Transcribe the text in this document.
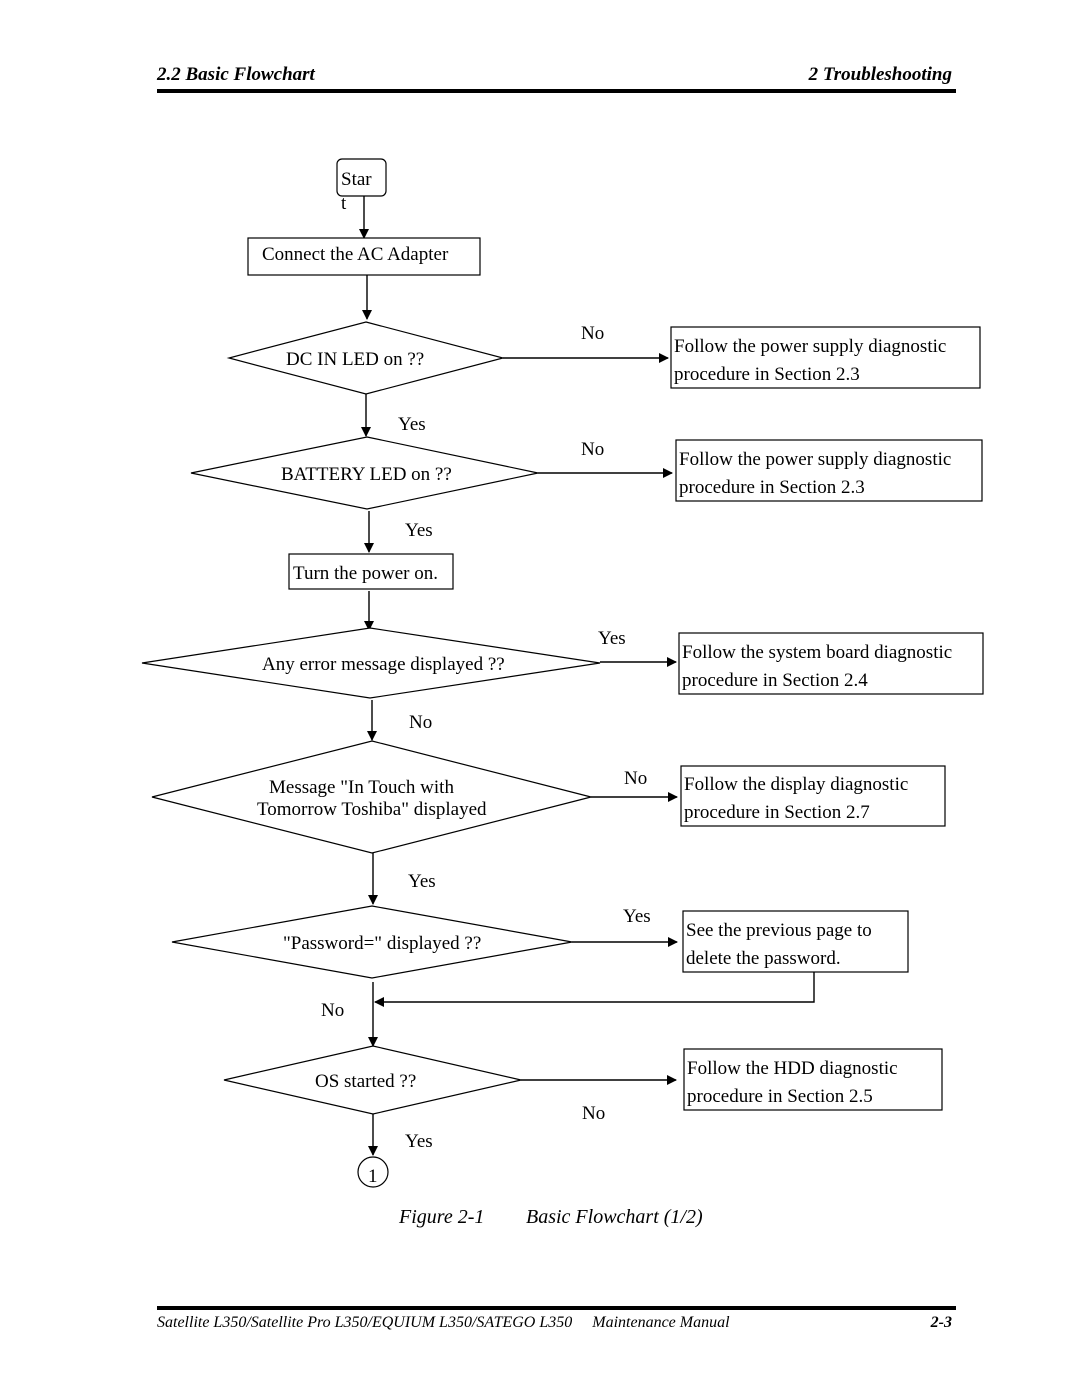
2.2 Basic Flowchart	2 Troubleshooting
Star
t
Connect the AC Adapter
DC IN LED on ??
No
Follow the power supply diagnostic
procedure in Section 2.3
Yes
BATTERY LED on ??
No	Follow the power supply diagnostic
procedure in Section 2.3
Yes
Turn the power on.
Any error message displayed ??
Yes
Follow the system board diagnostic
procedure in Section 2.4
No
Message "In Touch with
Tomorrow Toshiba" displayed
No Follow the display diagnostic
procedure in Section 2.7
Yes
"Password=" displayed ??
Yes
See the previous page to
delete the password.
No
OS started ??
No
Follow the HDD diagnostic
procedure in Section 2.5
Yes
1
Figure 2-1 Basic Flowchart (1/2)
Satellite L350/Satellite Pro L350/EQUIUM L350/SATEGO L350     Maintenance Manual	2-3
